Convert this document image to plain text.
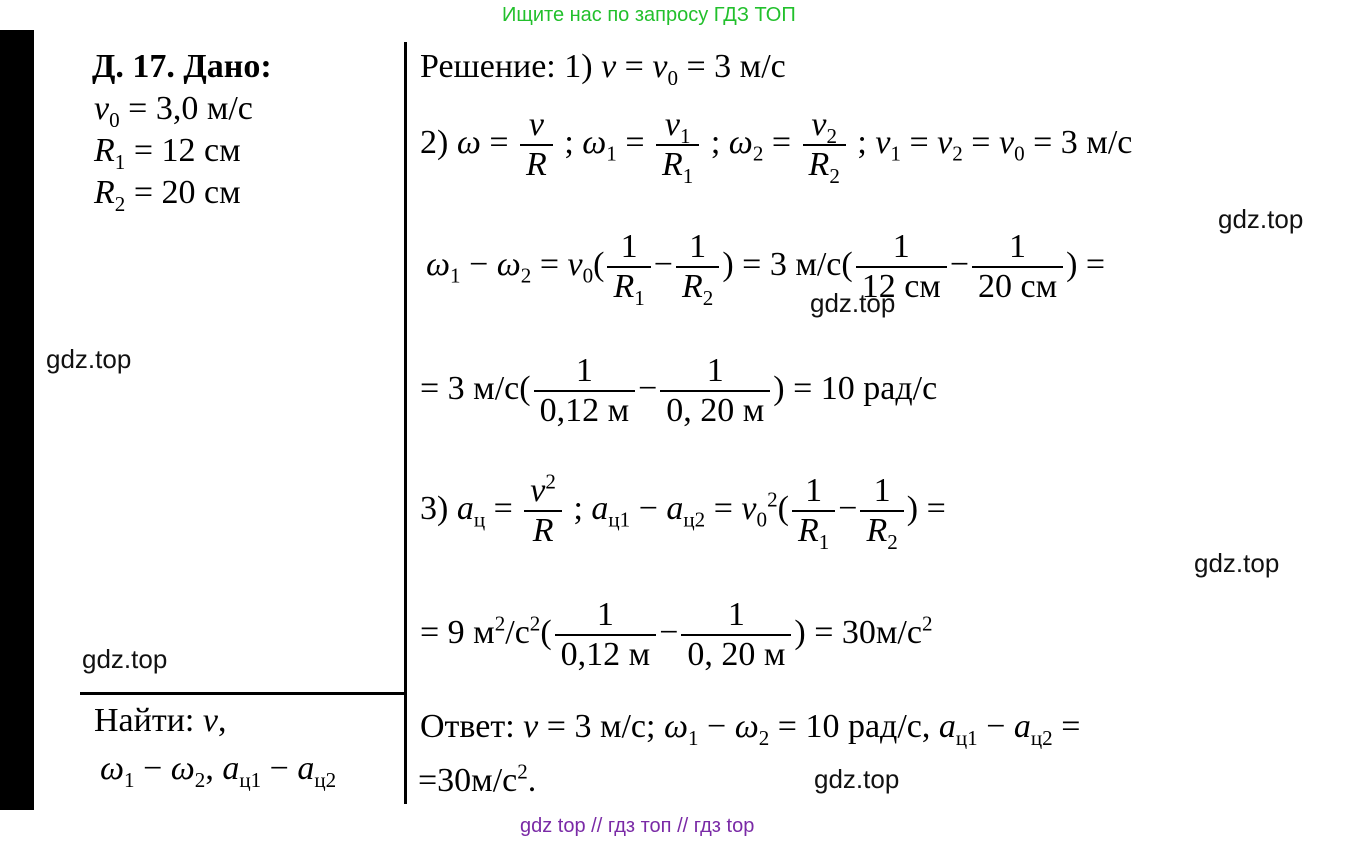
Ищите нас по запросу ГДЗ ТОП
Д. 17. Дано:
$v_0 = 3,0$ м/с
$R_1 = 12$ см
$R_2 = 20$ см
Найти: v,
$\omega_1 - \omega_2$, $a_{ц1} - a_{ц2}$
Решение: 1) $v = v_0 = 3$ м/с
2) $\omega = \frac{v}{R}$ ; $\omega_1 = \frac{v_1}{R_1}$ ; $\omega_2 = \frac{v_2}{R_2}$ ; $v_1 = v_2 = v_0 = 3$ м/с
$\omega_1 - \omega_2 = v_0( \frac{1}{R_1} - \frac{1}{R_2}$ ) = 3 $м/с( \frac{1}{12 см} - \frac{1}{20 см}$ ) =
= 3 $м/с( \frac{1}{0,12 м} - \frac{1}{0, 20 м}$ ) = 10 рад/с
3) $a_ц = \frac{v^2}{R}$ ; $a_{ц1} - a_{ц2} = v_0^2( \frac{1}{R_1} - \frac{1}{R_2}$ ) =
= 9 $м^2/с^2( \frac{1}{0,12 м} - \frac{1}{0, 20 м}$ ) = $30м/с^2$
Ответ: v = 3 м/с; $\omega_1 - \omega_2 = 10$ рад/с, $a_{ц1} - a_{ц2}$ =
$=30м/с^2$.
gdz.top
gdz.top
gdz.top
gdz.top
gdz.top
gdz.top
gdz top // гдз топ // гдз top
